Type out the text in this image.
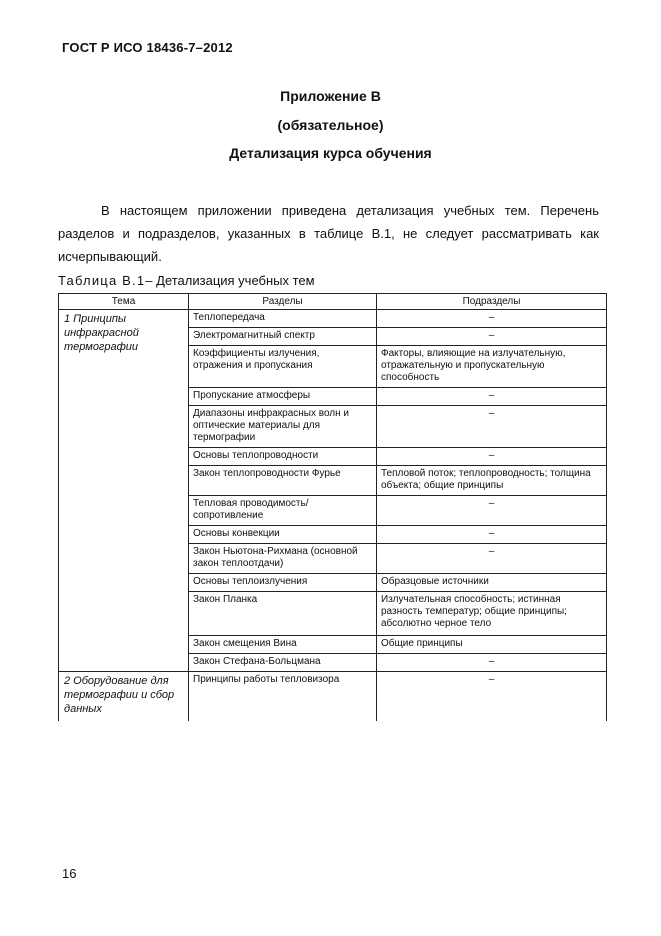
ГОСТ Р ИСО 18436-7–2012
Приложение В
(обязательное)
Детализация курса обучения

В настоящем приложении приведена детализация учебных тем. Перечень разделов и подразделов, указанных в таблице В.1, не следует рассматривать как исчерпывающий.

Таблица В.1– Детализация учебных тем
Тема	Разделы	Подразделы
1 Принципы инфракрасной термографии	Теплопередача	–
	Электромагнитный спектр	–
	Коэффициенты излучения, отражения и пропускания	Факторы, влияющие на излучательную, отражательную и пропускательную способность
	Пропускание атмосферы	–
	Диапазоны инфракрасных волн и оптические материалы для термографии	–
	Основы теплопроводности	–
	Закон теплопроводности Фурье	Тепловой поток; теплопроводность; толщина объекта; общие принципы
	Тепловая проводимость/сопротивление	–
	Основы конвекции	–
	Закон Ньютона-Рихмана (основной закон теплоотдачи)	–
	Основы теплоизлучения	Образцовые источники
	Закон Планка	Излучательная способность; истинная разность температур; общие принципы; абсолютно черное тело
	Закон смещения Вина	Общие принципы
	Закон Стефана-Больцмана	–
2 Оборудование для термографии и сбор данных	Принципы работы тепловизора	–
16
